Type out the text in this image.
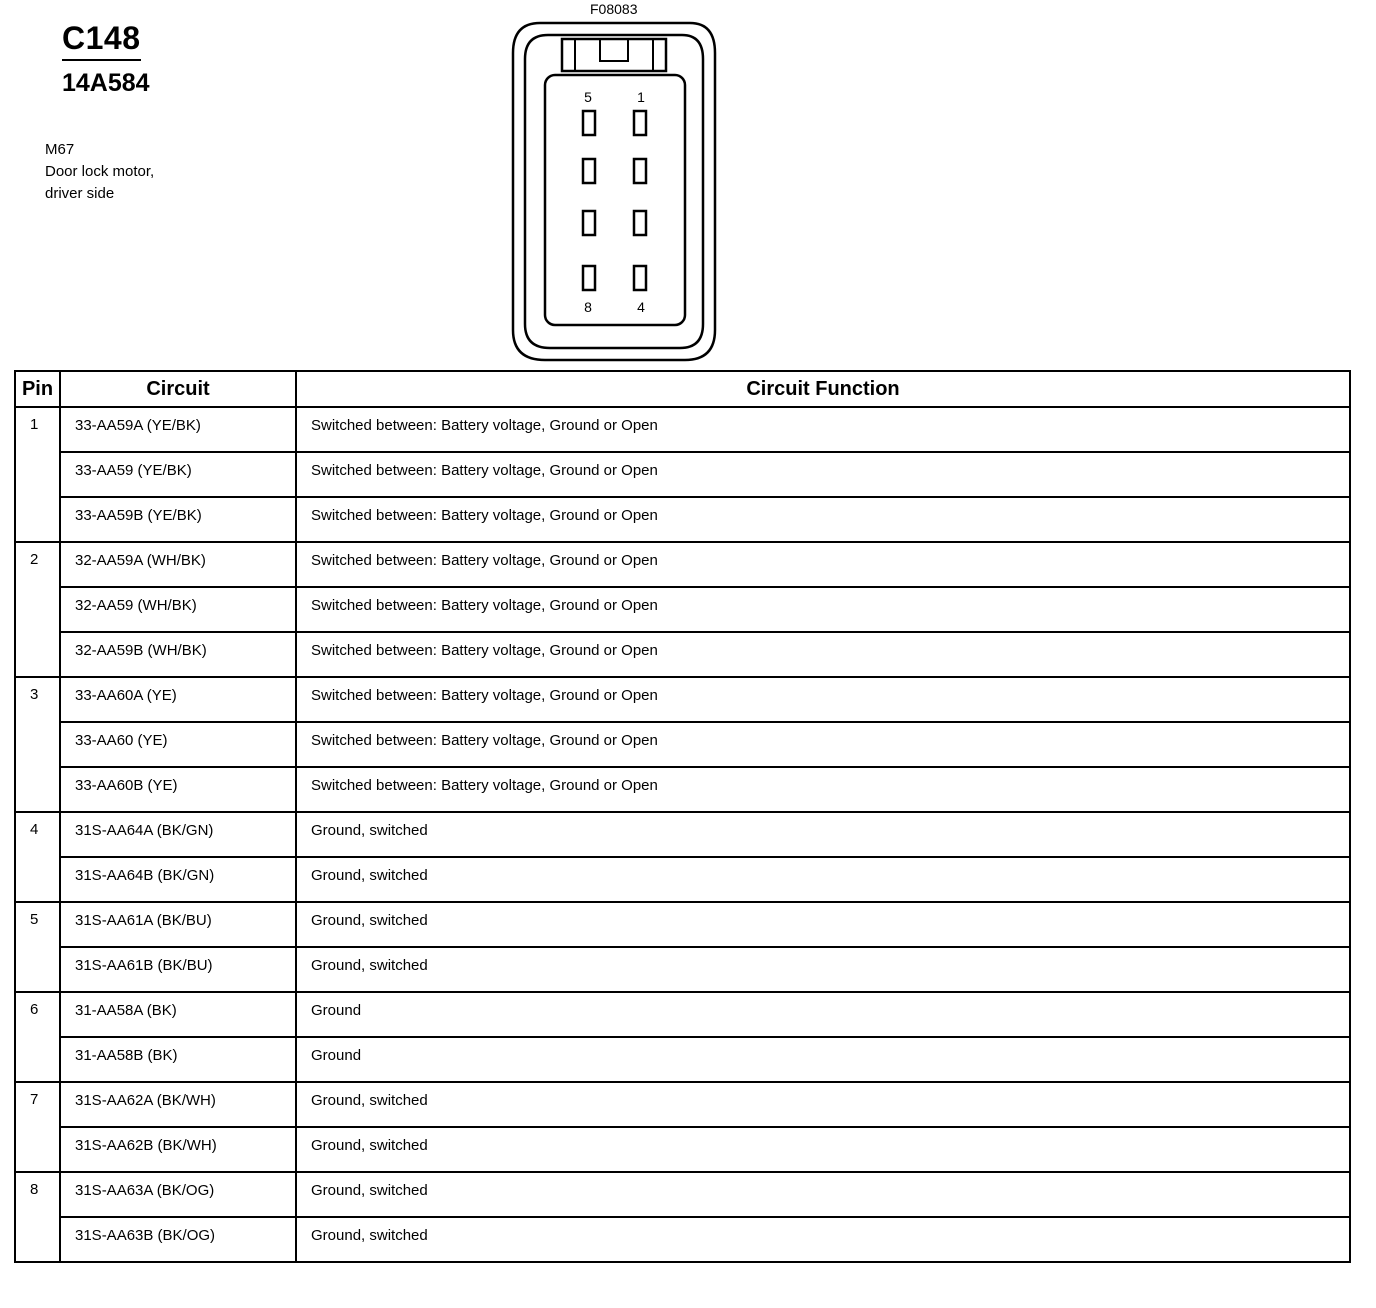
C148
14A584
M67
Door lock motor,
driver side
F08083
5	1
8	4
Pin	Circuit	Circuit Function
1	33-AA59A (YE/BK)	Switched between: Battery voltage, Ground or Open
	33-AA59 (YE/BK)	Switched between: Battery voltage, Ground or Open
	33-AA59B (YE/BK)	Switched between: Battery voltage, Ground or Open
2	32-AA59A (WH/BK)	Switched between: Battery voltage, Ground or Open
	32-AA59 (WH/BK)	Switched between: Battery voltage, Ground or Open
	32-AA59B (WH/BK)	Switched between: Battery voltage, Ground or Open
3	33-AA60A (YE)	Switched between: Battery voltage, Ground or Open
	33-AA60 (YE)	Switched between: Battery voltage, Ground or Open
	33-AA60B (YE)	Switched between: Battery voltage, Ground or Open
4	31S-AA64A (BK/GN)	Ground, switched
	31S-AA64B (BK/GN)	Ground, switched
5	31S-AA61A (BK/BU)	Ground, switched
	31S-AA61B (BK/BU)	Ground, switched
6	31-AA58A (BK)	Ground
	31-AA58B (BK)	Ground
7	31S-AA62A (BK/WH)	Ground, switched
	31S-AA62B (BK/WH)	Ground, switched
8	31S-AA63A (BK/OG)	Ground, switched
	31S-AA63B (BK/OG)	Ground, switched
